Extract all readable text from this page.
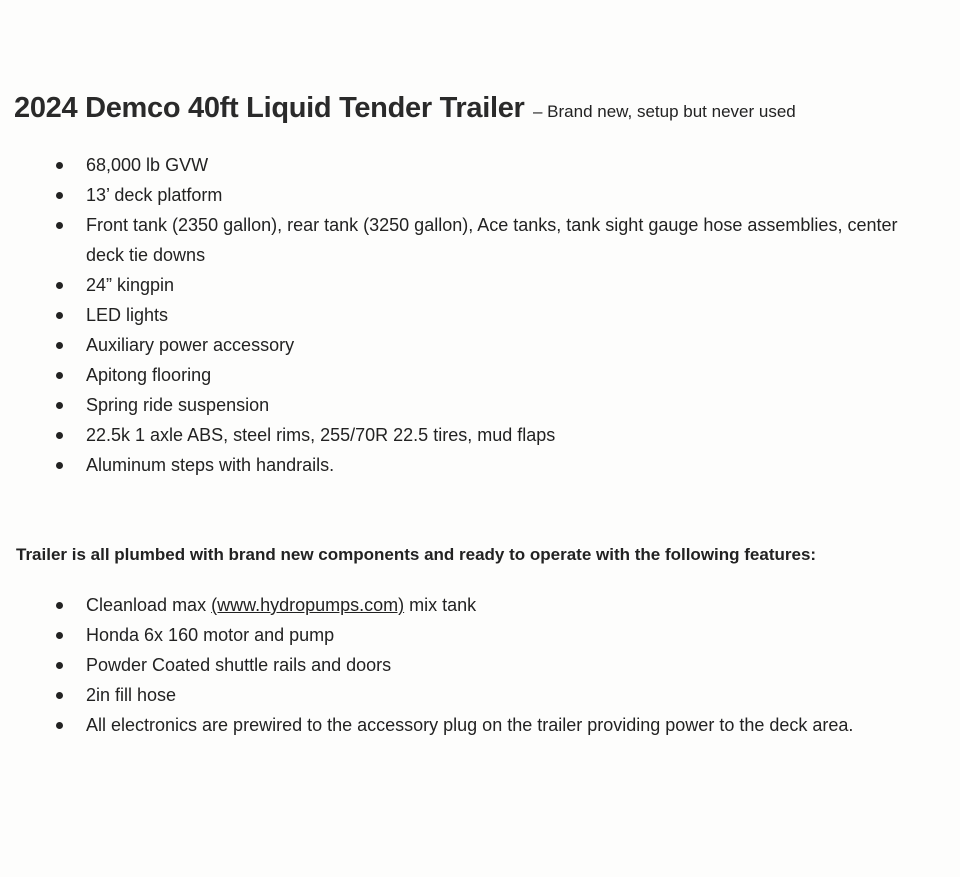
2024 Demco 40ft Liquid Tender Trailer – Brand new, setup but never used
68,000 lb GVW
13’ deck platform
Front tank (2350 gallon), rear tank (3250 gallon), Ace tanks, tank sight gauge hose assemblies, center deck tie downs
24” kingpin
LED lights
Auxiliary power accessory
Apitong flooring
Spring ride suspension
22.5k 1 axle ABS, steel rims, 255/70R 22.5 tires, mud flaps
Aluminum steps with handrails.
Trailer is all plumbed with brand new components and ready to operate with the following features:
Cleanload max (www.hydropumps.com) mix tank
Honda 6x 160 motor and pump
Powder Coated shuttle rails and doors
2in fill hose
All electronics are prewired to the accessory plug on the trailer providing power to the deck area.
